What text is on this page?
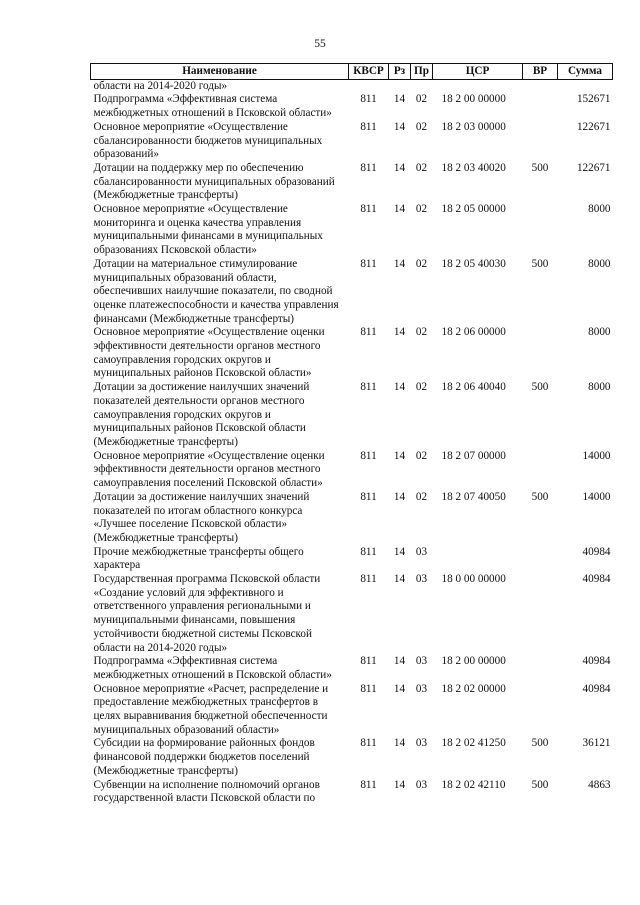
55
Наименование	КВСР	Рз	Пр	ЦСР	ВР	Сумма
области на 2014-2020 годы»						
Подпрограмма «Эффективная система межбюджетных отношений в Псковской области»	811	14	02	18 2 00 00000		152671
Основное мероприятие «Осуществление сбалансированности бюджетов муниципальных образований»	811	14	02	18 2 03 00000		122671
Дотации на поддержку мер по обеспечению сбалансированности муниципальных образований (Межбюджетные трансферты)	811	14	02	18 2 03 40020	500	122671
Основное мероприятие «Осуществление мониторинга и оценка качества управления муниципальными финансами в муниципальных образованиях Псковской области»	811	14	02	18 2 05 00000		8000
Дотации на материальное стимулирование муниципальных образований области, обеспечивших наилучшие показатели, по сводной оценке платежеспособности и качества управления финансами (Межбюджетные трансферты)	811	14	02	18 2 05 40030	500	8000
Основное мероприятие «Осуществление оценки эффективности деятельности органов местного самоуправления городских округов и муниципальных районов Псковской области»	811	14	02	18 2 06 00000		8000
Дотации за достижение наилучших значений показателей деятельности органов местного самоуправления городских округов и муниципальных районов Псковской области (Межбюджетные трансферты)	811	14	02	18 2 06 40040	500	8000
Основное мероприятие «Осуществление оценки эффективности деятельности органов местного самоуправления поселений Псковской области»	811	14	02	18 2 07 00000		14000
Дотации за достижение наилучших значений показателей по итогам областного конкурса «Лучшее поселение Псковской области» (Межбюджетные трансферты)	811	14	02	18 2 07 40050	500	14000
Прочие межбюджетные трансферты общего характера	811	14	03			40984
Государственная программа Псковской области «Создание условий для эффективного и ответственного управления региональными и муниципальными финансами, повышения устойчивости бюджетной системы Псковской области на 2014-2020 годы»	811	14	03	18 0 00 00000		40984
Подпрограмма «Эффективная система межбюджетных отношений в Псковской области»	811	14	03	18 2 00 00000		40984
Основное мероприятие «Расчет, распределение и предоставление межбюджетных трансфертов в целях выравнивания бюджетной обеспеченности муниципальных образований области»	811	14	03	18 2 02 00000		40984
Субсидии на формирование районных фондов финансовой поддержки бюджетов поселений (Межбюджетные трансферты)	811	14	03	18 2 02 41250	500	36121
Субвенции на исполнение полномочий органов государственной власти Псковской области по	811	14	03	18 2 02 42110	500	4863
